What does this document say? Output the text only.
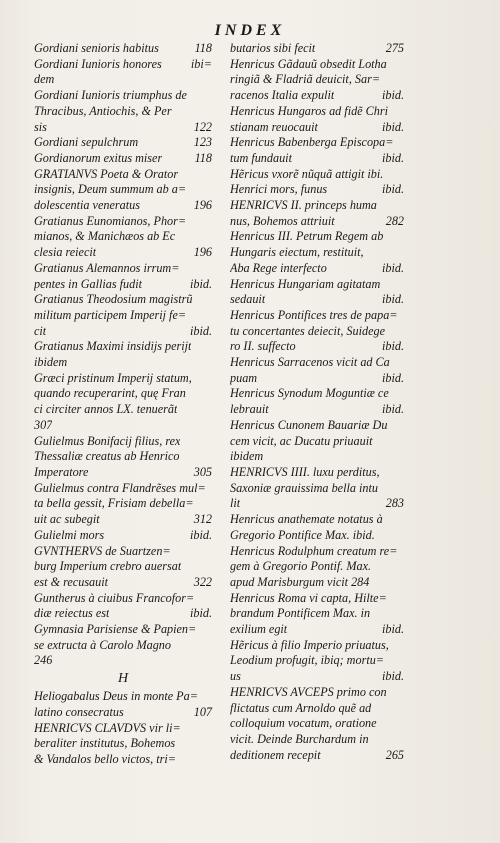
INDEX
Gordiani senioris habitus	118
Gordiani Iunioris honores	ibi=
dem
Gordiani Iunioris triumphus de
Thracibus, Antiochis, & Per
sis	122
Gordiani sepulchrum	123
Gordianorum exitus miser	118
GRATIANVS Poeta & Orator
insignis, Deum summum ab a=
dolescentia veneratus	196
Gratianus Eunomianos, Phor=
mianos, & Manichæos ab Ec
clesia reiecit	196
Gratianus Alemannos irrum=
pentes in Gallias fudit	ibid.
Gratianus Theodosium magistrũ
militum participem Imperij fe=
cit	ibid.
Gratianus Maximi insidijs perijt
ibidem
Græci pristinum Imperij statum,
quando recuperarint, quę Fran
ci circiter annos LX. tenuerãt
307
Gulielmus Bonifacij filius, rex
Thessaliæ creatus ab Henrico
Imperatore	305
Gulielmus contra Flandrẽses mul=
ta bella gessit, Frisiam debella=
uit ac subegit	312
Gulielmi mors	ibid.
GVNTHERVS de Suartzen=
burg Imperium crebro auersat
est & recusauit	322
Guntherus à ciuibus Francofor=
diæ reiectus est	ibid.
Gymnasia Parisiense & Papien=
se extructa à Carolo Magno
246
H
Heliogabalus Deus in monte Pa=
latino consecratus	107
HENRICVS CLAVDVS vir li=
beraliter institutus, Bohemos
& Vandalos bello victos, tri=
butarios sibi fecit	275
Henricus Gãdauũ obsedit Lotha
ringiã & Fladriã deuicit, Sar=
racenos Italia expulit	ibid.
Henricus Hungaros ad fidẽ Chri
stianam reuocauit	ibid.
Henricus Babenberga Episcopa=
tum fundauit	ibid.
Hẽricus vxorẽ nũquã attigit ibi.
Henrici mors, funus	ibid.
HENRICVS II. princeps huma
nus, Bohemos attriuit	282
Henricus III. Petrum Regem ab
Hungaris eiectum, restituit,
Aba Rege interfecto	ibid.
Henricus Hungariam agitatam
sedauit	ibid.
Henricus Pontifices tres de papa=
tu concertantes deiecit, Suidege
ro II. suffecto	ibid.
Henricus Sarracenos vicit ad Ca
puam	ibid.
Henricus Synodum Moguntiæ ce
lebrauit	ibid.
Henricus Cunonem Bauariæ Du
cem vicit, ac Ducatu priuauit
ibidem
HENRICVS IIII. luxu perditus,
Saxoniæ grauissima bella intu
lit	283
Henricus anathemate notatus à
Gregorio Pontifice Max. ibid.
Henricus Rodulphum creatum re=
gem à Gregorio Pontif. Max.
apud Marisburgum vicit 284
Henricus Roma vi capta, Hilte=
brandum Pontificem Max. in
exilium egit	ibid.
Hẽricus à filio Imperio priuatus,
Leodium profugit, ibiq; mortu=
us	ibid.
HENRICVS AVCEPS primo con
flictatus cum Arnoldo quẽ ad
colloquium vocatum, oratione
vicit. Deinde Burchardum in
deditionem recepit	265
